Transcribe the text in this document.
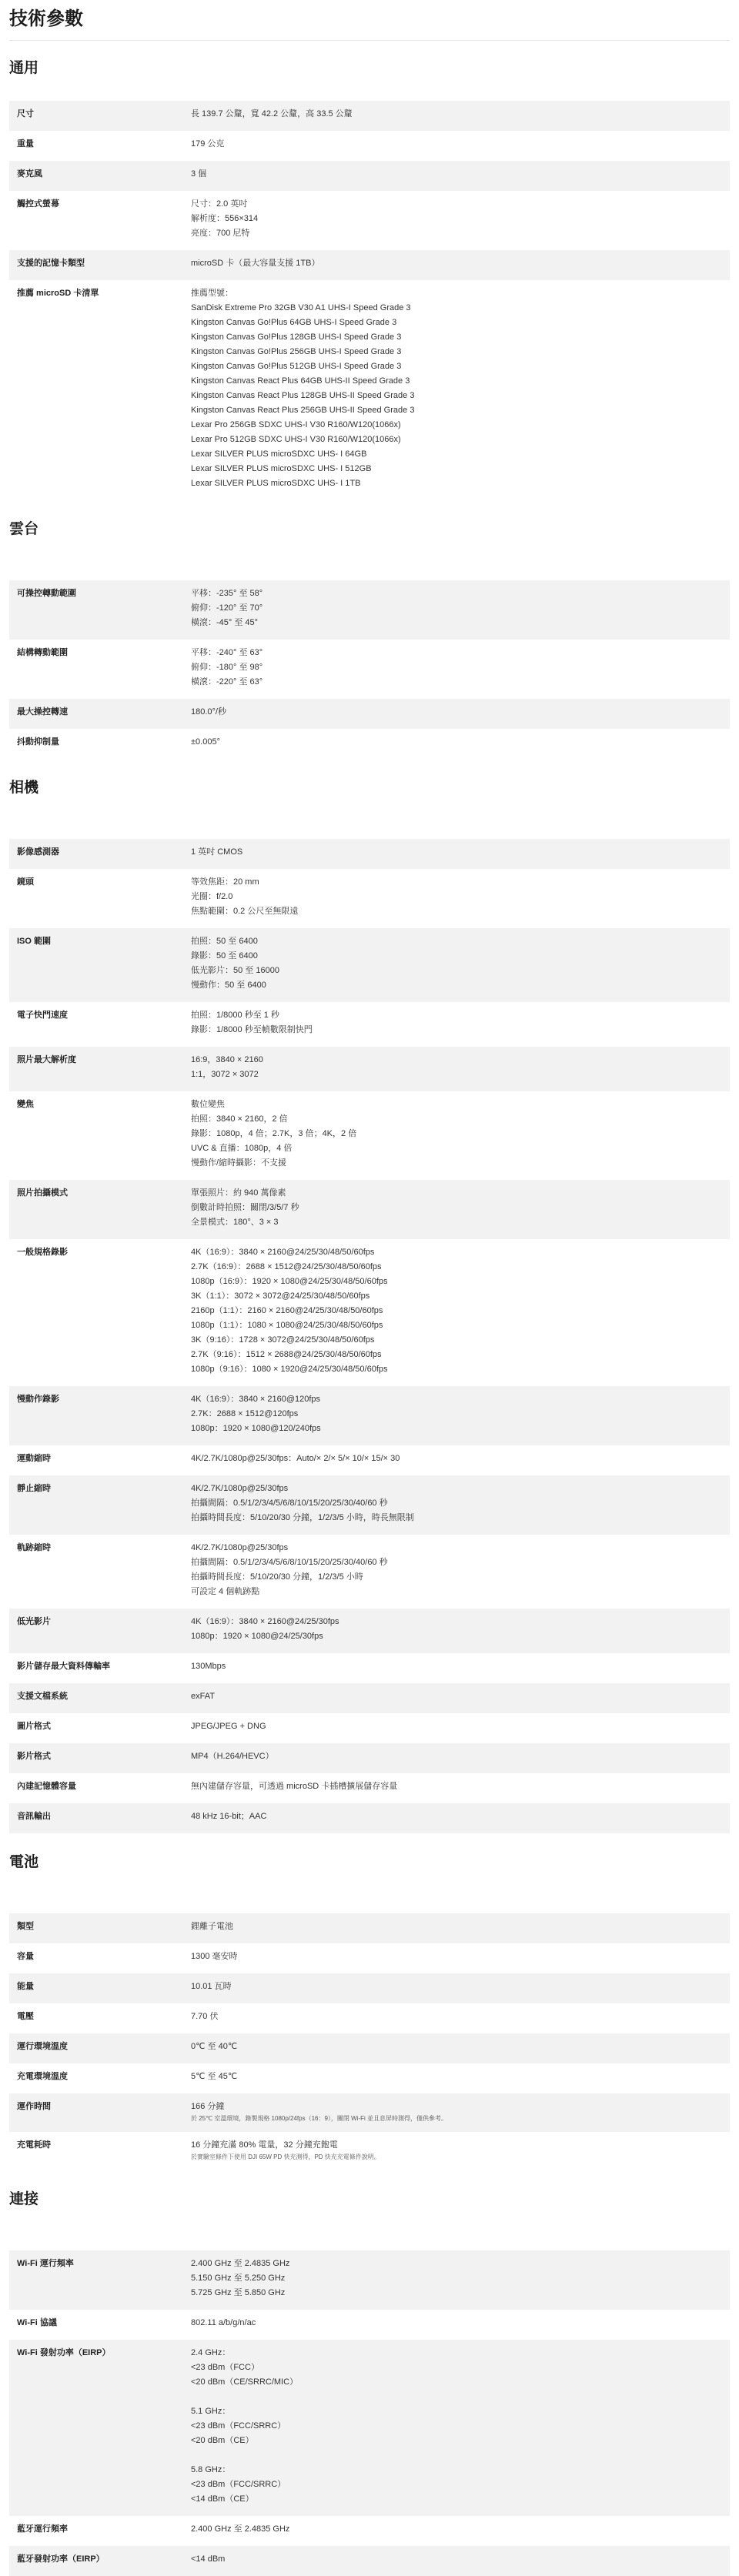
技術參數
通用
尺寸	長 139.7 公釐，寬 42.2 公釐，高 33.5 公釐
重量	179 公克
麥克風	3 個
觸控式螢幕	尺寸：2.0 英吋
解析度：556×314
亮度：700 尼特
支援的記憶卡類型	microSD 卡（最大容量支援 1TB）
推薦 microSD 卡清單	推薦型號：
SanDisk Extreme Pro 32GB V30 A1 UHS-I Speed Grade 3
Kingston Canvas Go!Plus 64GB UHS-I Speed Grade 3
Kingston Canvas Go!Plus 128GB UHS-I Speed Grade 3
Kingston Canvas Go!Plus 256GB UHS-I Speed Grade 3
Kingston Canvas Go!Plus 512GB UHS-I Speed Grade 3
Kingston Canvas React Plus 64GB UHS-II Speed Grade 3
Kingston Canvas React Plus 128GB UHS-II Speed Grade 3
Kingston Canvas React Plus 256GB UHS-II Speed Grade 3
Lexar Pro 256GB SDXC UHS-I V30 R160/W120(1066x)
Lexar Pro 512GB SDXC UHS-I V30 R160/W120(1066x)
Lexar SILVER PLUS microSDXC UHS- I 64GB
Lexar SILVER PLUS microSDXC UHS- I 512GB
Lexar SILVER PLUS microSDXC UHS- I 1TB
雲台
可操控轉動範圍	平移：-235° 至 58°
俯仰：-120° 至 70°
橫滾：-45° 至 45°
結構轉動範圍	平移：-240° 至 63°
俯仰：-180° 至 98°
橫滾：-220° 至 63°
最大操控轉速	180.0°/秒
抖動抑制量	±0.005°
相機
影像感測器	1 英吋 CMOS
鏡頭	等效焦距：20 mm
光圈：f/2.0
焦點範圍：0.2 公尺至無限遠
ISO 範圍	拍照：50 至 6400
錄影：50 至 6400
低光影片：50 至 16000
慢動作：50 至 6400
電子快門速度	拍照：1/8000 秒至 1 秒
錄影：1/8000 秒至幀數限制快門
照片最大解析度	16:9，3840 × 2160
1:1，3072 × 3072
變焦	數位變焦
拍照：3840 × 2160，2 倍
錄影：1080p，4 倍；2.7K，3 倍；4K，2 倍
UVC & 直播：1080p，4 倍
慢動作/縮時攝影：不支援
照片拍攝模式	單張照片：約 940 萬像素
倒數計時拍照：關閉/3/5/7 秒
全景模式：180°、3 × 3
一般規格錄影	4K（16:9）：3840 × 2160@24/25/30/48/50/60fps
2.7K（16:9）：2688 × 1512@24/25/30/48/50/60fps
1080p（16:9）：1920 × 1080@24/25/30/48/50/60fps
3K（1:1）：3072 × 3072@24/25/30/48/50/60fps
2160p（1:1）：2160 × 2160@24/25/30/48/50/60fps
1080p（1:1）：1080 × 1080@24/25/30/48/50/60fps
3K（9:16）：1728 × 3072@24/25/30/48/50/60fps
2.7K（9:16）：1512 × 2688@24/25/30/48/50/60fps
1080p（9:16）：1080 × 1920@24/25/30/48/50/60fps
慢動作錄影	4K（16:9）：3840 × 2160@120fps
2.7K：2688 × 1512@120fps
1080p：1920 × 1080@120/240fps
運動縮時	4K/2.7K/1080p@25/30fps：Auto/× 2/× 5/× 10/× 15/× 30
靜止縮時	4K/2.7K/1080p@25/30fps
拍攝間隔：0.5/1/2/3/4/5/6/8/10/15/20/25/30/40/60 秒
拍攝時間長度：5/10/20/30 分鐘，1/2/3/5 小時，時長無限制
軌跡縮時	4K/2.7K/1080p@25/30fps
拍攝間隔：0.5/1/2/3/4/5/6/8/10/15/20/25/30/40/60 秒
拍攝時間長度：5/10/20/30 分鐘，1/2/3/5 小時
可設定 4 個軌跡點
低光影片	4K（16:9）：3840 × 2160@24/25/30fps
1080p：1920 × 1080@24/25/30fps
影片儲存最大資料傳輸率	130Mbps
支援文檔系統	exFAT
圖片格式	JPEG/JPEG + DNG
影片格式	MP4（H.264/HEVC）
內建記憶體容量	無內建儲存容量，可透過 microSD 卡插槽擴展儲存容量
音訊輸出	48 kHz 16-bit；AAC
電池
類型	鋰離子電池
容量	1300 毫安時
能量	10.01 瓦時
電壓	7.70 伏
運行環境溫度	0℃ 至 40℃
充電環境溫度	5℃ 至 45℃
運作時間	166 分鐘
於 25℃ 室溫環境，錄製規格 1080p/24fps（16：9），關閉 Wi-Fi 並且息屏時測得，僅供參考。
充電耗時	16 分鐘充滿 80% 電量，32 分鐘充飽電
於實驗室條件下使用 DJI 65W PD 快充測得，PD 快充充電條件說明。
連接
Wi-Fi 運行頻率	2.400 GHz 至 2.4835 GHz
5.150 GHz 至 5.250 GHz
5.725 GHz 至 5.850 GHz
Wi-Fi 協議	802.11 a/b/g/n/ac
Wi-Fi 發射功率（EIRP）	2.4 GHz：
<23 dBm（FCC）
<20 dBm（CE/SRRC/MIC）
5.1 GHz：
<23 dBm（FCC/SRRC）
<20 dBm（CE）
5.8 GHz：
<23 dBm（FCC/SRRC）
<14 dBm（CE）
藍牙運行頻率	2.400 GHz 至 2.4835 GHz
藍牙發射功率（EIRP）	<14 dBm
